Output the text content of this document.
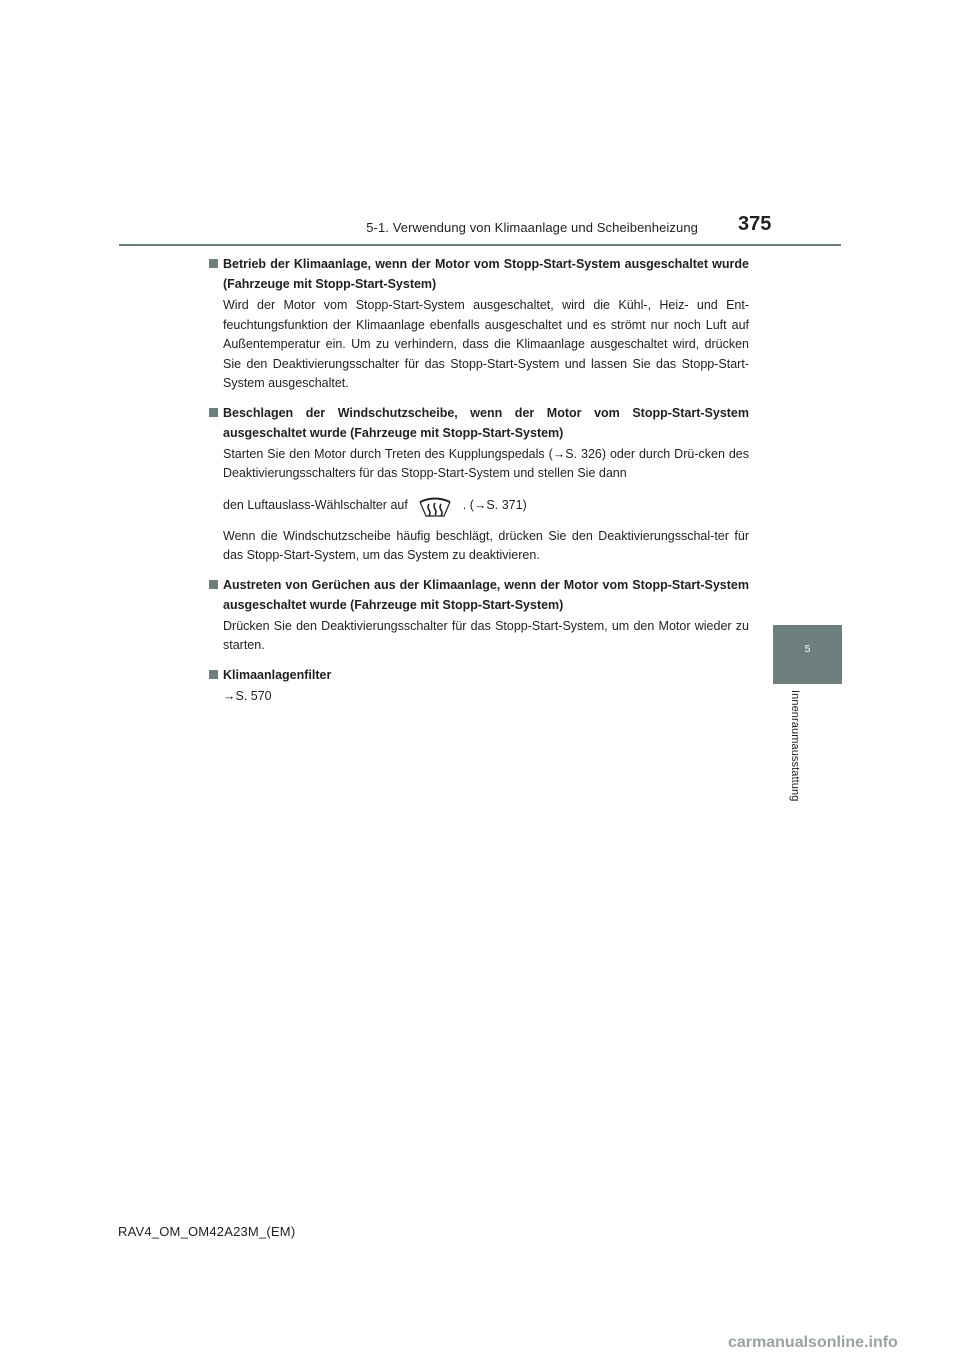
5-1. Verwendung von Klimaanlage und Scheibenheizung 375
5
Innenraumausstattung
Betrieb der Klimaanlage, wenn der Motor vom Stopp-Start-System ausgeschaltet wurde (Fahrzeuge mit Stopp-Start-System)

Wird der Motor vom Stopp-Start-System ausgeschaltet, wird die Kühl-, Heiz- und Ent-feuchtungsfunktion der Klimaanlage ebenfalls ausgeschaltet und es strömt nur noch Luft auf Außentemperatur ein. Um zu verhindern, dass die Klimaanlage ausgeschaltet wird, drücken Sie den Deaktivierungsschalter für das Stopp-Start-System und lassen Sie das Stopp-Start-System ausgeschaltet.

Beschlagen der Windschutzscheibe, wenn der Motor vom Stopp-Start-System ausgeschaltet wurde (Fahrzeuge mit Stopp-Start-System)

Starten Sie den Motor durch Treten des Kupplungspedals (→S. 326) oder durch Drü-cken des Deaktivierungsschalters für das Stopp-Start-System und stellen Sie dann

den Luftauslass-Wählschalter auf	. (→S. 371)

Wenn die Windschutzscheibe häufig beschlägt, drücken Sie den Deaktivierungsschal-ter für das Stopp-Start-System, um das System zu deaktivieren.

Austreten von Gerüchen aus der Klimaanlage, wenn der Motor vom Stopp-Start-System ausgeschaltet wurde (Fahrzeuge mit Stopp-Start-System)

Drücken Sie den Deaktivierungsschalter für das Stopp-Start-System, um den Motor wieder zu starten.

Klimaanlagenfilter

→S. 570

RAV4_OM_OM42A23M_(EM)
carmanualsonline.info
